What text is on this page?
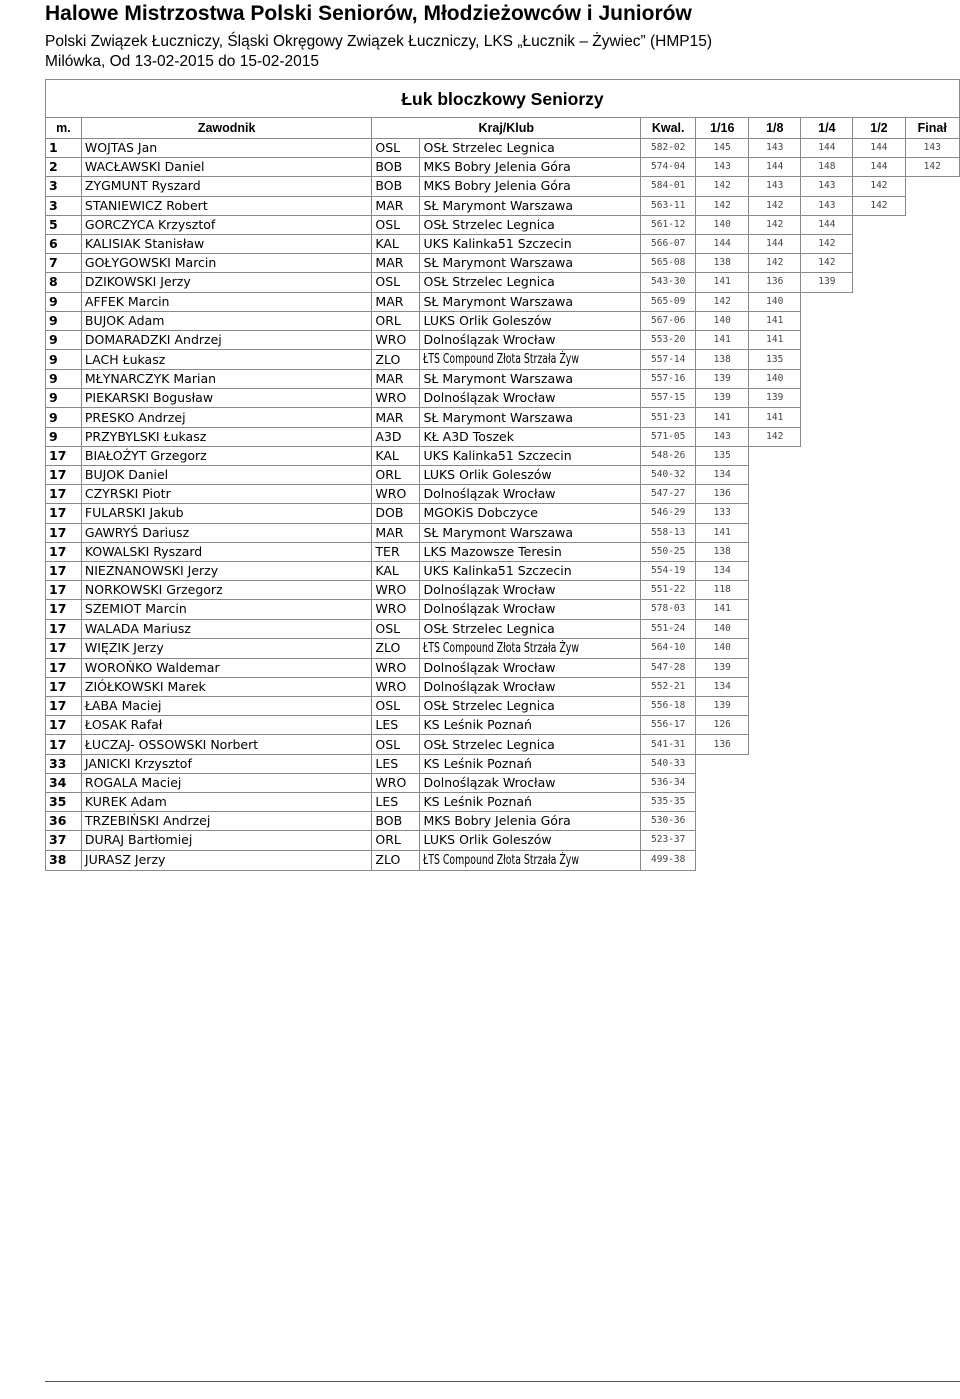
Halowe Mistrzostwa Polski Seniorów, Młodzieżowców i Juniorów
Polski Związek Łuczniczy, Śląski Okręgowy Związek Łuczniczy, LKS „Łucznik – Żywiec” (HMP15)
Milówka, Od 13-02-2015 do 15-02-2015
Łuk bloczkowy Seniorzy									
m.	Zawodnik	Kraj/Klub		Kwal.	1/16	1/8	1/4	1/2	Finał
1	WOJTAS Jan	OSL	OSŁ Strzelec Legnica	582-02	145	143	144	144	143
2	WACŁAWSKI Daniel	BOB	MKS Bobry Jelenia Góra	574-04	143	144	148	144	142
3	ZYGMUNT Ryszard	BOB	MKS Bobry Jelenia Góra	584-01	142	143	143	142	
3	STANIEWICZ Robert	MAR	SŁ Marymont Warszawa	563-11	142	142	143	142	
5	GORCZYCA Krzysztof	OSL	OSŁ Strzelec Legnica	561-12	140	142	144		
6	KALISIAK Stanisław	KAL	UKS Kalinka51 Szczecin	566-07	144	144	142		
7	GOŁYGOWSKI Marcin	MAR	SŁ Marymont Warszawa	565-08	138	142	142		
8	DZIKOWSKI Jerzy	OSL	OSŁ Strzelec Legnica	543-30	141	136	139		
9	AFFEK Marcin	MAR	SŁ Marymont Warszawa	565-09	142	140			
9	BUJOK Adam	ORL	LUKS Orlik Goleszów	567-06	140	141			
9	DOMARADZKI Andrzej	WRO	Dolnoślązak Wrocław	553-20	141	141			
9	LACH Łukasz	ZLO	ŁTS Compound Złota Strzała Żyw	557-14	138	135			
9	MŁYNARCZYK Marian	MAR	SŁ Marymont Warszawa	557-16	139	140			
9	PIEKARSKI Bogusław	WRO	Dolnoślązak Wrocław	557-15	139	139			
9	PRESKO Andrzej	MAR	SŁ Marymont Warszawa	551-23	141	141			
9	PRZYBYLSKI Łukasz	A3D	KŁ A3D Toszek	571-05	143	142			
17	BIAŁOŻYT Grzegorz	KAL	UKS Kalinka51 Szczecin	548-26	135				
17	BUJOK Daniel	ORL	LUKS Orlik Goleszów	540-32	134				
17	CZYRSKI Piotr	WRO	Dolnoślązak Wrocław	547-27	136				
17	FULARSKI Jakub	DOB	MGOKiS Dobczyce	546-29	133				
17	GAWRYŚ Dariusz	MAR	SŁ Marymont Warszawa	558-13	141				
17	KOWALSKI Ryszard	TER	LKS Mazowsze Teresin	550-25	138				
17	NIEZNANOWSKI Jerzy	KAL	UKS Kalinka51 Szczecin	554-19	134				
17	NORKOWSKI Grzegorz	WRO	Dolnoślązak Wrocław	551-22	118				
17	SZEMIOT Marcin	WRO	Dolnoślązak Wrocław	578-03	141				
17	WALADA Mariusz	OSL	OSŁ Strzelec Legnica	551-24	140				
17	WIĘZIK Jerzy	ZLO	ŁTS Compound Złota Strzała Żyw	564-10	140				
17	WOROŃKO Waldemar	WRO	Dolnoślązak Wrocław	547-28	139				
17	ZIÓŁKOWSKI Marek	WRO	Dolnoślązak Wrocław	552-21	134				
17	ŁABA Maciej	OSL	OSŁ Strzelec Legnica	556-18	139				
17	ŁOSAK Rafał	LES	KS Leśnik Poznań	556-17	126				
17	ŁUCZAJ- OSSOWSKI Norbert	OSL	OSŁ Strzelec Legnica	541-31	136				
33	JANICKI Krzysztof	LES	KS Leśnik Poznań	540-33					
34	ROGALA Maciej	WRO	Dolnoślązak Wrocław	536-34					
35	KUREK Adam	LES	KS Leśnik Poznań	535-35					
36	TRZEBIŃSKI Andrzej	BOB	MKS Bobry Jelenia Góra	530-36					
37	DURAJ Bartłomiej	ORL	LUKS Orlik Goleszów	523-37					
38	JURASZ Jerzy	ZLO	ŁTS Compound Złota Strzała Żyw	499-38					
